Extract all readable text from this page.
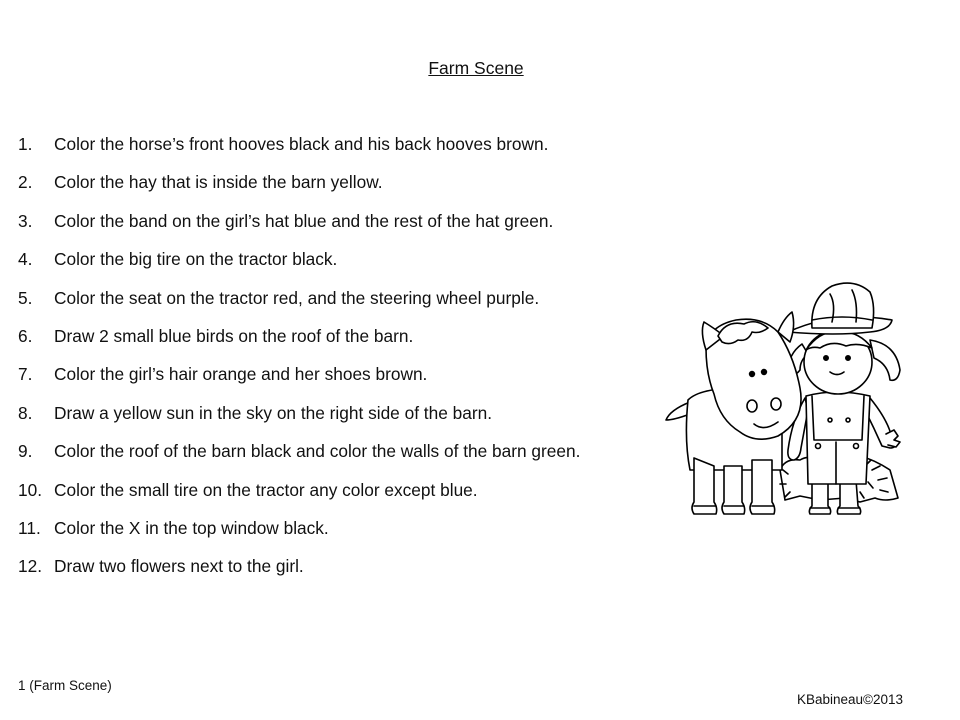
Farm Scene
1.	Color the horse’s front hooves black and his back hooves brown.
2.	Color the hay that is inside the barn yellow.
3.	Color the band on the girl’s hat blue and the rest of the hat green.
4.	Color the big tire on the tractor black.
5.	Color the seat on the tractor red, and the steering wheel purple.
6.	Draw 2 small blue birds on the roof of the barn.
7.	Color the girl’s hair orange and her shoes brown.
8.	Draw a yellow sun in the sky on the right side of the barn.
9.	Color the roof of the barn black and color the walls of the barn green.
10. Color the small tire on the tractor any color except blue.
11. Color the X in the top window black.
12. Draw two flowers next to the girl.
1 (Farm Scene)
KBabineau©2013
